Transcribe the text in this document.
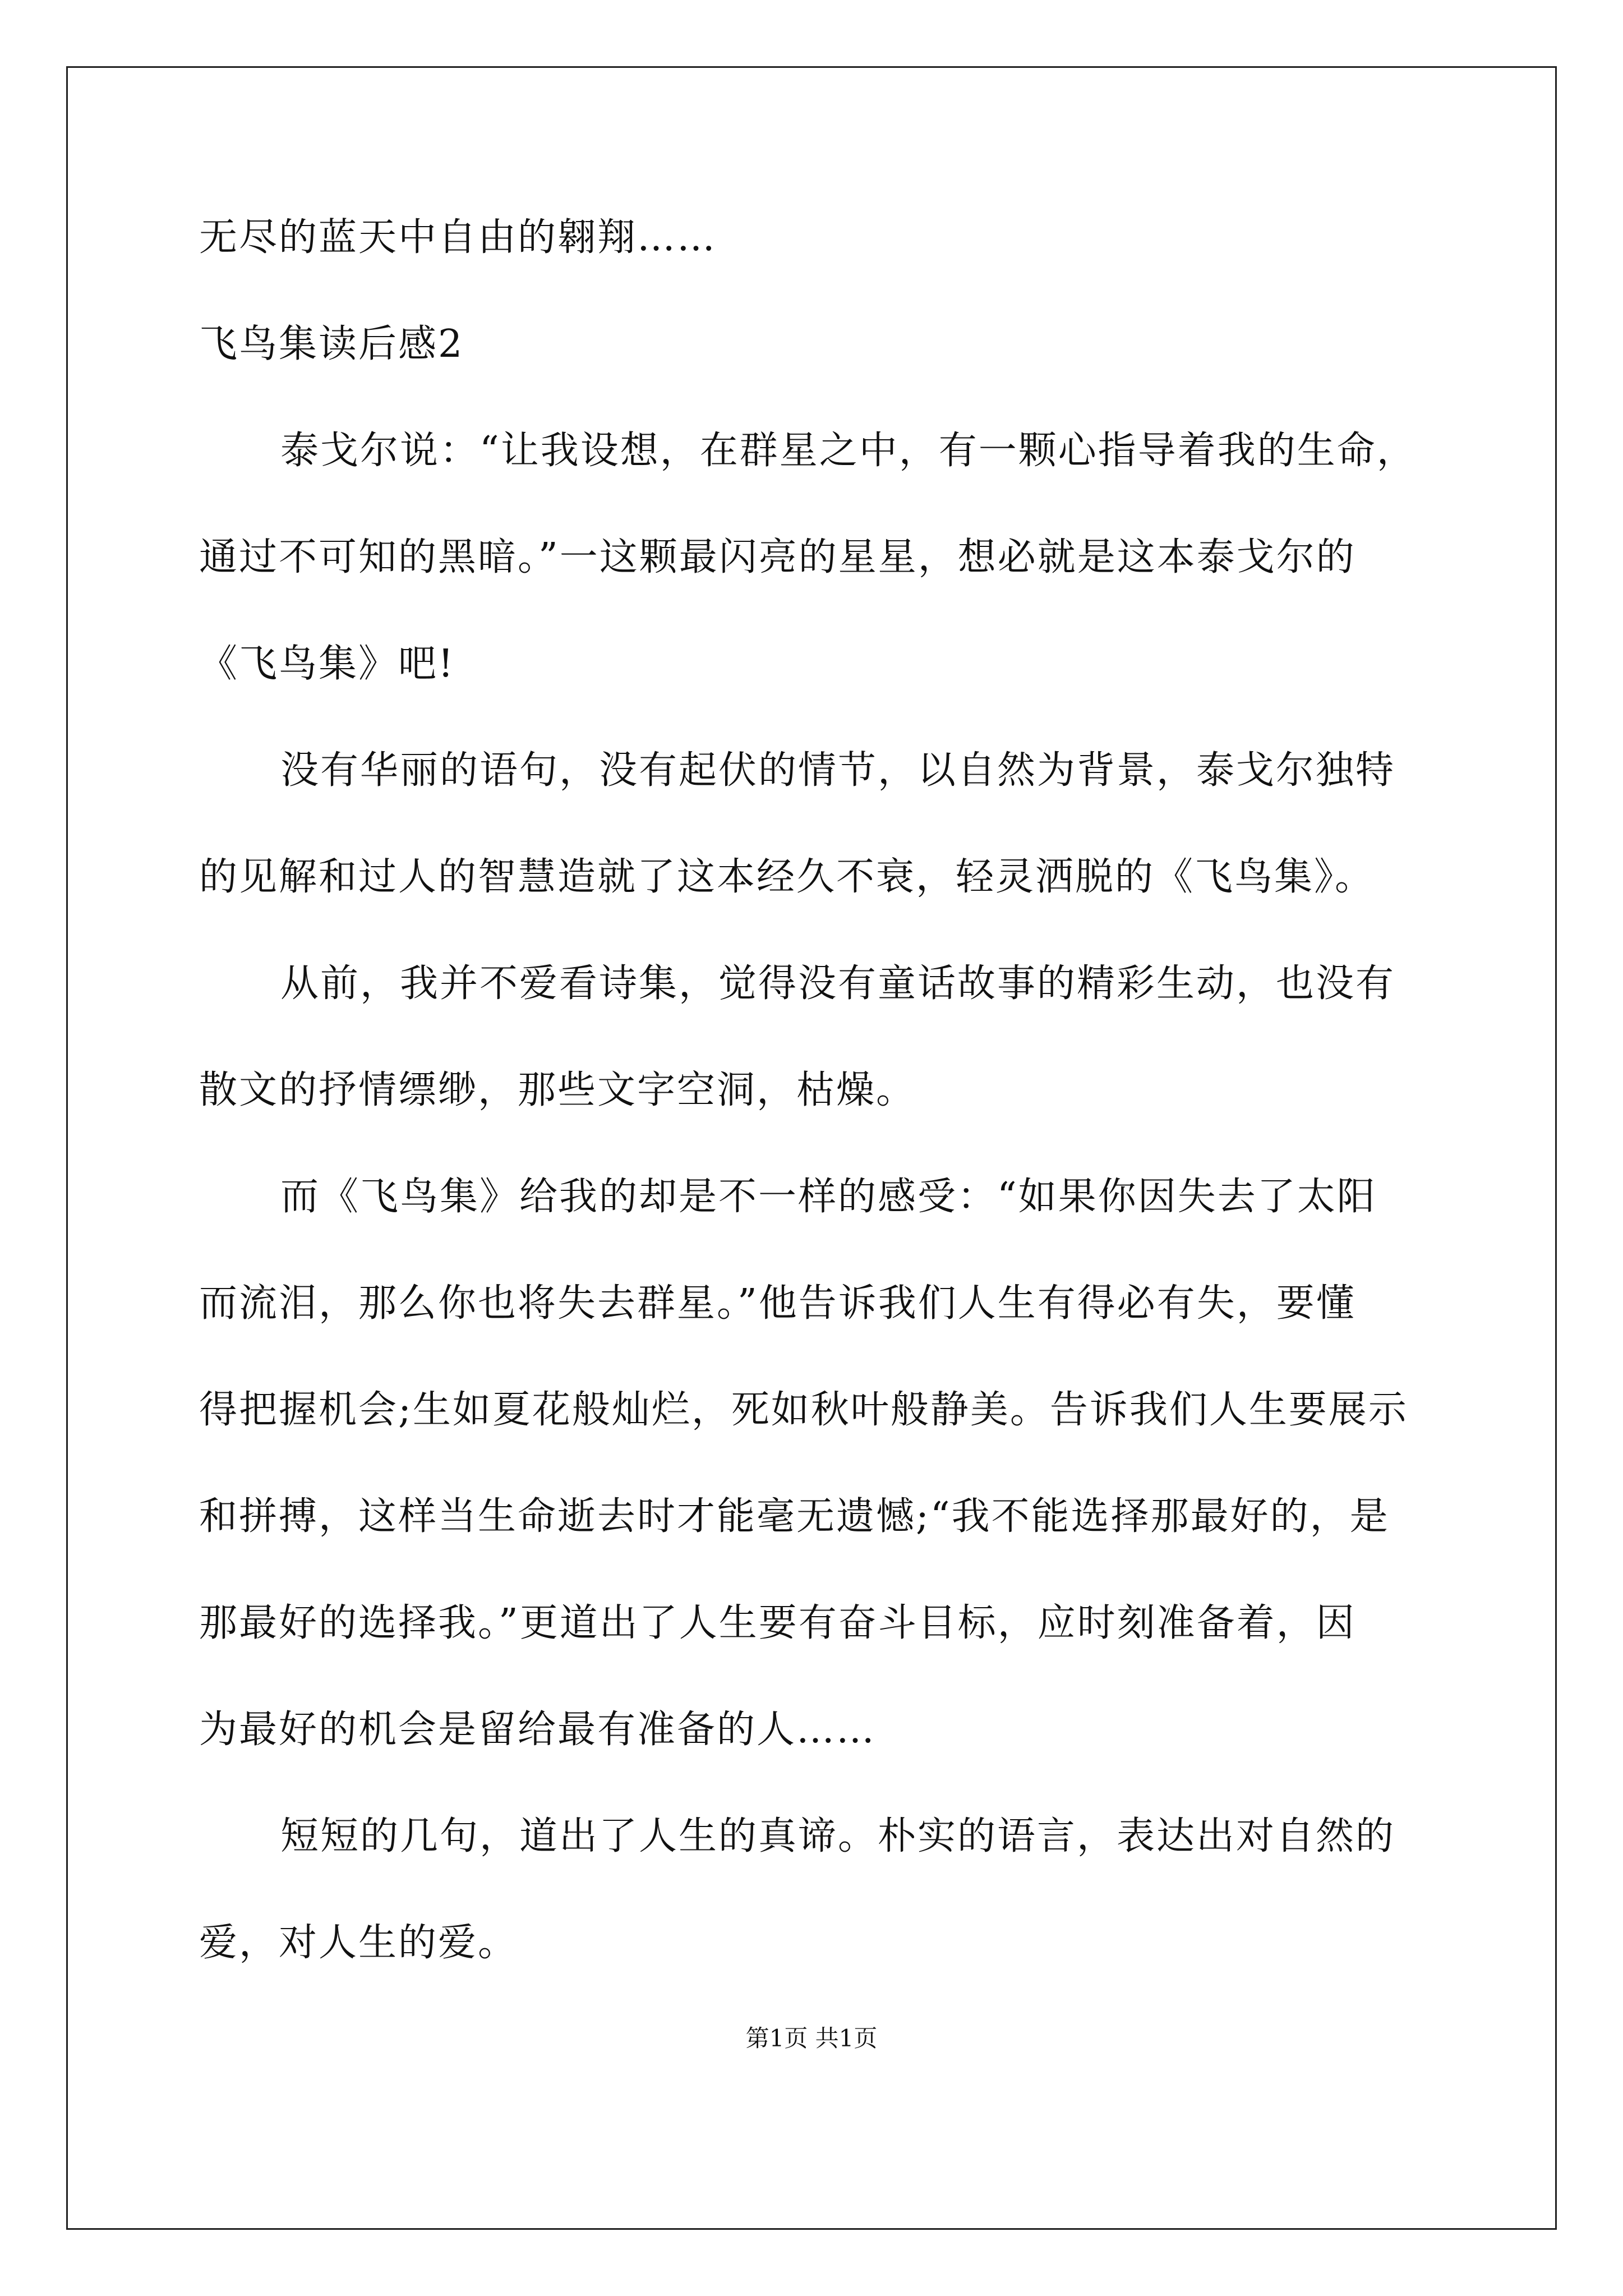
无尽的蓝天中自由的翱翔……
飞鸟集读后感2
泰戈尔说：“让我设想，在群星之中，有一颗心指导着我的生命，
通过不可知的黑暗。”一这颗最闪亮的星星，想必就是这本泰戈尔的
《飞鸟集》吧!
没有华丽的语句，没有起伏的情节，以自然为背景，泰戈尔独特
的见解和过人的智慧造就了这本经久不衰，轻灵洒脱的《飞鸟集》。
从前，我并不爱看诗集，觉得没有童话故事的精彩生动，也没有
散文的抒情缥缈，那些文字空洞，枯燥。
而《飞鸟集》给我的却是不一样的感受：“如果你因失去了太阳
而流泪，那么你也将失去群星。”他告诉我们人生有得必有失，要懂
得把握机会;生如夏花般灿烂，死如秋叶般静美。告诉我们人生要展示
和拼搏，这样当生命逝去时才能毫无遗憾;“我不能选择那最好的，是
那最好的选择我。”更道出了人生要有奋斗目标，应时刻准备着，因
为最好的机会是留给最有准备的人……
短短的几句，道出了人生的真谛。朴实的语言，表达出对自然的
爱，对人生的爱。
第1页 共1页
